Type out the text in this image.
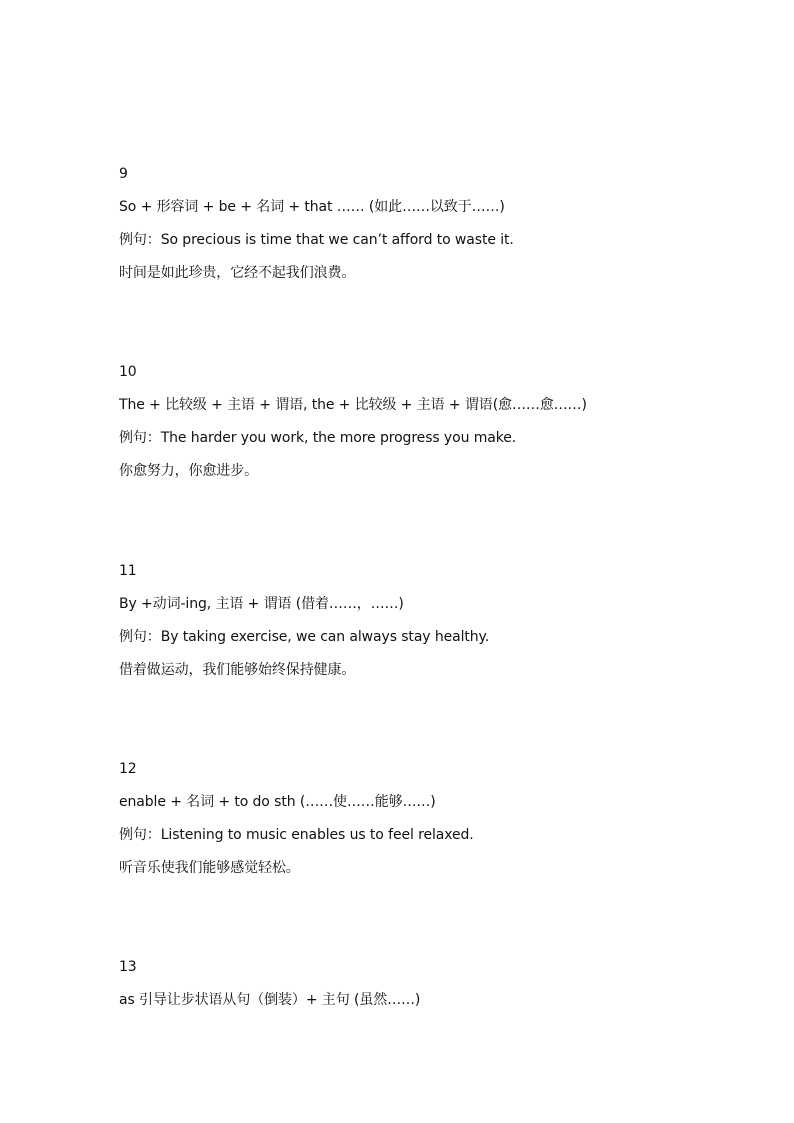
9
So + 形容词 + be + 名词 + that …… (如此……以致于……)
例句：So precious is time that we can’t afford to waste it.
时间是如此珍贵，它经不起我们浪费。
10
The + 比较级 + 主语 + 谓语, the + 比较级 + 主语 + 谓语(愈……愈……)
例句：The harder you work, the more progress you make.
你愈努力，你愈进步。
11
By +动词-ing, 主语 + 谓语 (借着……，……)
例句：By taking exercise, we can always stay healthy.
借着做运动，我们能够始终保持健康。
12
enable + 名词 + to do sth (……使……能够……)
例句：Listening to music enables us to feel relaxed.
听音乐使我们能够感觉轻松。
13
as 引导让步状语从句（倒装）+ 主句 (虽然……)
